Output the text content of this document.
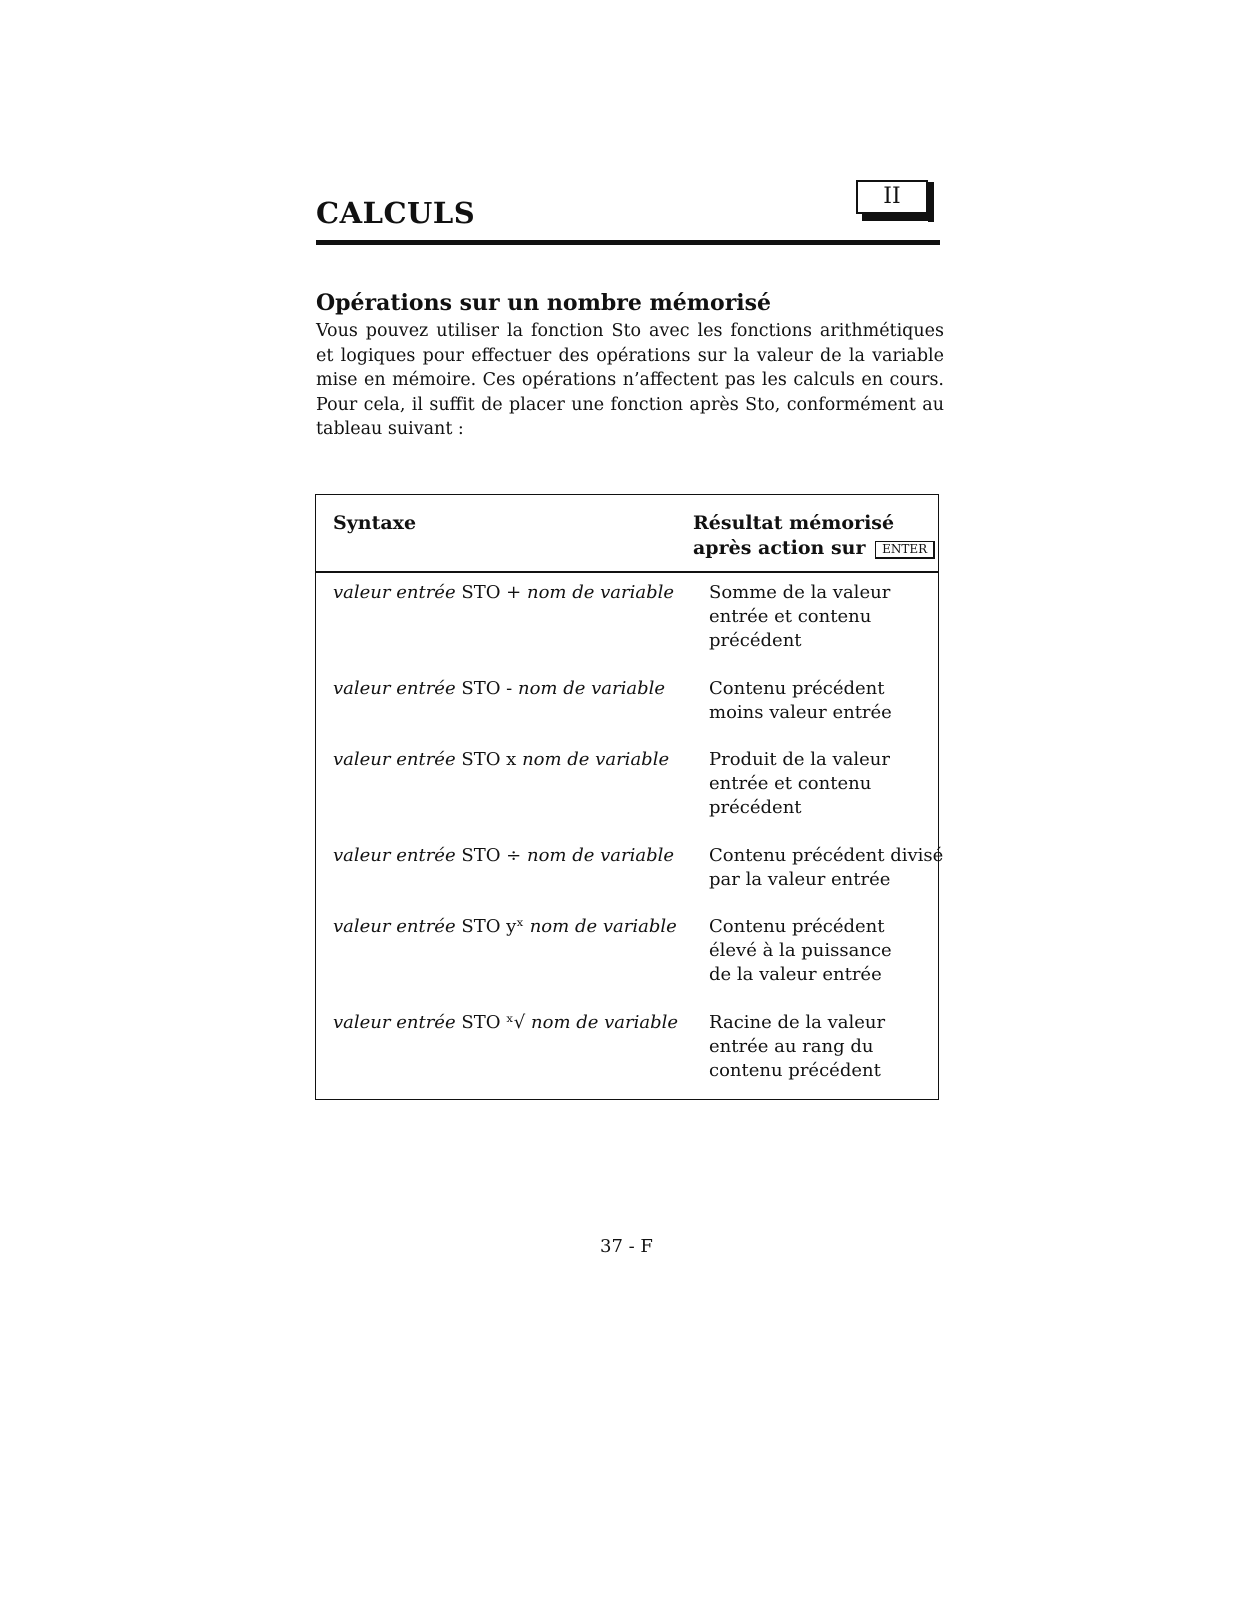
CALCULS	II
Opérations sur un nombre mémorisé
Vous pouvez utiliser la fonction Sto avec les fonctions arithmétiques et logiques pour effectuer des opérations sur la valeur de la variable mise en mémoire. Ces opérations n’affectent pas les calculs en cours. Pour cela, il suffit de placer une fonction après Sto, conformément au tableau suivant :
Syntaxe	Résultat mémorisé
après action sur ENTER
valeur entrée STO + nom de variable Somme de la valeur
entrée et contenu
précédent
valeur entrée STO - nom de variable Contenu précédent
moins valeur entrée
valeur entrée STO x nom de variable Produit de la valeur
entrée et contenu
précédent
valeur entrée STO ÷ nom de variable Contenu précédent divisé
par la valeur entrée
valeur entrée STO yˣ nom de variable Contenu précédent
élevé à la puissance
de la valeur entrée
valeur entrée STO ˣ√ nom de variable Racine de la valeur
entrée au rang du
contenu précédent
37 - F
